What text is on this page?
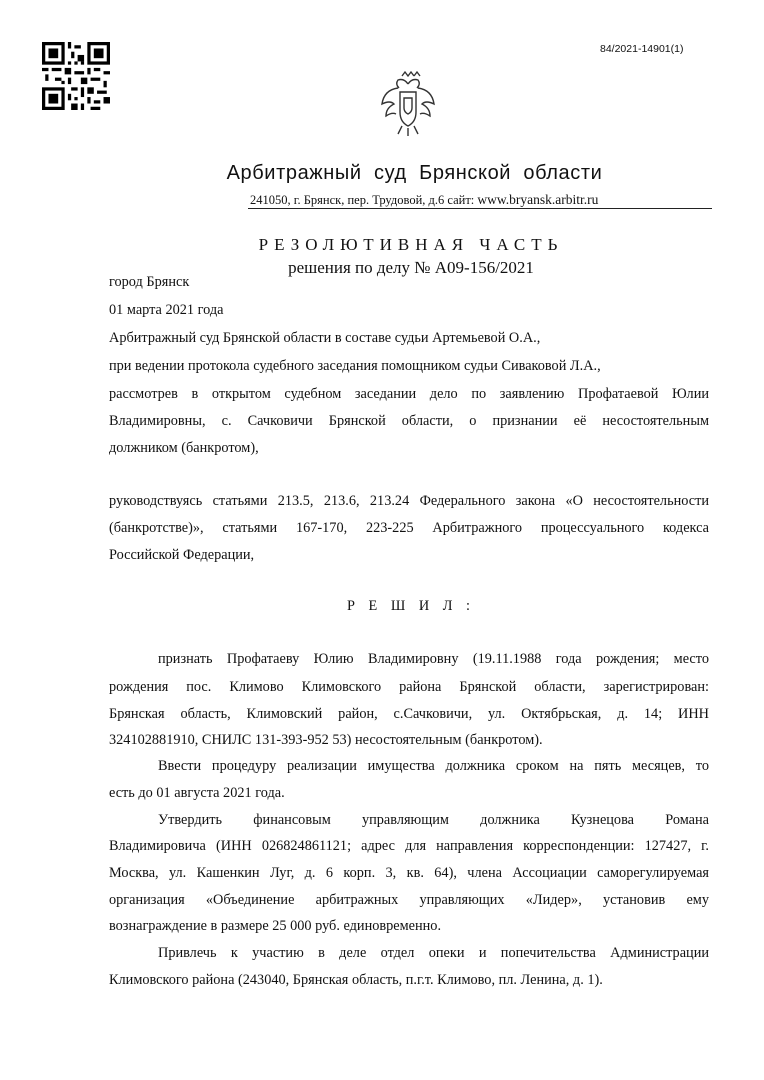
84/2021-14901(1)
Арбитражный  суд  Брянской  области
241050, г. Брянск, пер. Трудовой, д.6 сайт: www.bryansk.arbitr.ru
РЕЗОЛЮТИВНАЯ ЧАСТЬ
решения по делу № А09-156/2021
город Брянск
01 марта 2021 года
Арбитражный суд Брянской области в составе судьи Артемьевой О.А.,
при ведении протокола судебного заседания помощником судьи Сиваковой Л.А.,
рассмотрев в открытом судебном заседании дело по заявлению Профатаевой Юлии
Владимировны, с. Сачковичи Брянской области, о признании её несостоятельным
должником (банкротом),
руководствуясь статьями 213.5, 213.6, 213.24 Федерального закона «О несостоятельности
(банкротстве)», статьями 167-170, 223-225 Арбитражного процессуального кодекса
Российской Федерации,
Р Е Ш И Л :
признать Профатаеву Юлию Владимировну (19.11.1988 года рождения; место
рождения пос. Климово Климовского района Брянской области, зарегистрирован:
Брянская область, Климовский район, с.Сачковичи, ул. Октябрьская, д. 14; ИНН
324102881910, СНИЛС 131-393-952 53) несостоятельным (банкротом).
Ввести процедуру реализации имущества должника сроком на пять месяцев, то
есть до 01 августа 2021 года.
Утвердить финансовым управляющим должника Кузнецова Романа
Владимировича (ИНН 026824861121; адрес для направления корреспонденции: 127427, г.
Москва, ул. Кашенкин Луг, д. 6 корп. 3, кв. 64), члена Ассоциации саморегулируемая
организация «Объединение арбитражных управляющих «Лидер», установив ему
вознаграждение в размере 25 000 руб. единовременно.
Привлечь к участию в деле отдел опеки и попечительства Администрации
Климовского района (243040, Брянская область, п.г.т. Климово, пл. Ленина, д. 1).
